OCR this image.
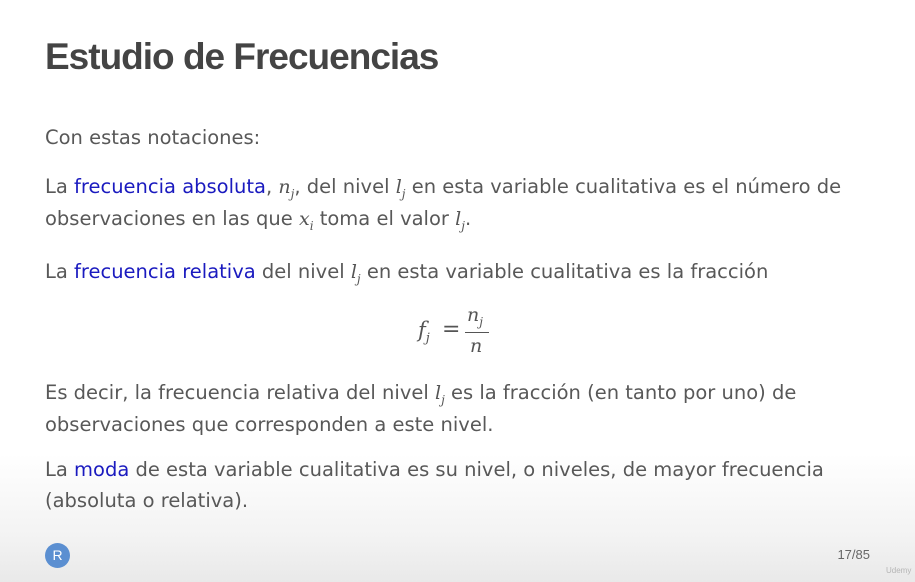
Estudio de Frecuencias

Con estas notaciones:

La frecuencia absoluta, $n_j$, del nivel $l_j$ en esta variable cualitativa es el número de observaciones en las que $x_i$ toma el valor $l_j$.

La frecuencia relativa del nivel $l_j$ en esta variable cualitativa es la fracción

$f_j$ =
$n_j$
n

Es decir, la frecuencia relativa del nivel $l_j$ es la fracción (en tanto por uno) de observaciones que corresponden a este nivel.

La moda de esta variable cualitativa es su nivel, o niveles, de mayor frecuencia (absoluta o relativa).

R	17/85
Udemy
